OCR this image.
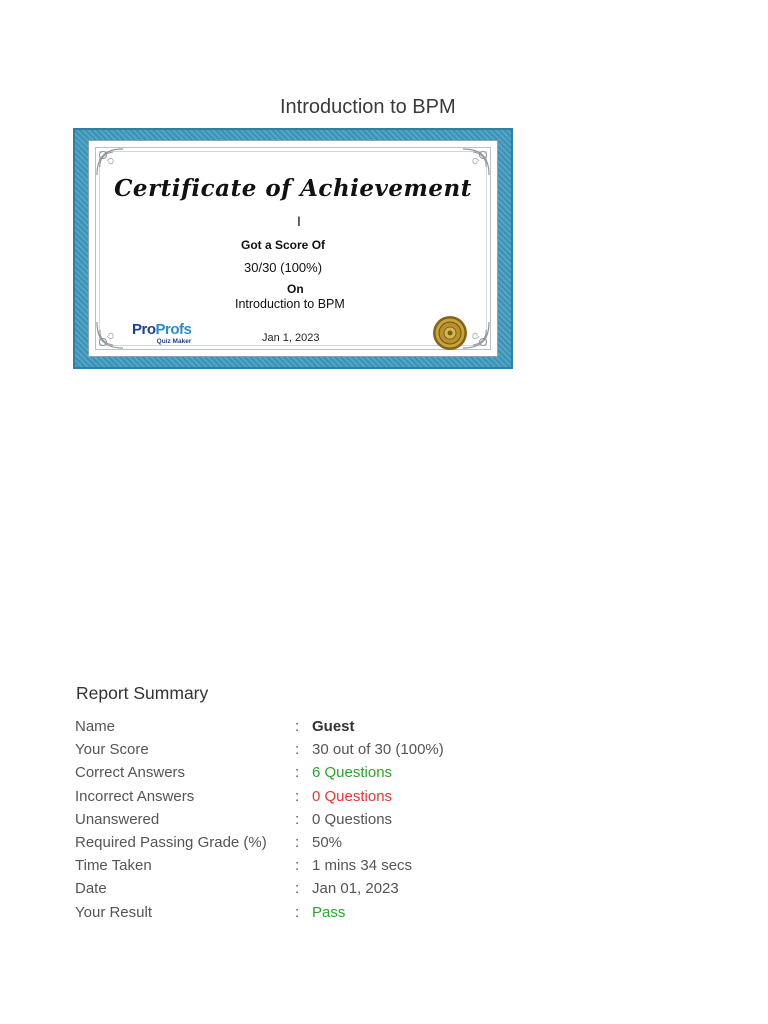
Introduction to BPM
Certificate of Achievement
I
Got a Score Of
30/30 (100%)
On
Introduction to BPM
Jan 1, 2023
ProProfs
Quiz Maker
Report Summary
Name	: Guest
Your Score	: 30 out of 30 (100%)
Correct Answers	: 6 Questions
Incorrect Answers	: 0 Questions
Unanswered	: 0 Questions
Required Passing Grade (%) : 50%
Time Taken	: 1 mins 34 secs
Date	: Jan 01, 2023
Your Result	: Pass
